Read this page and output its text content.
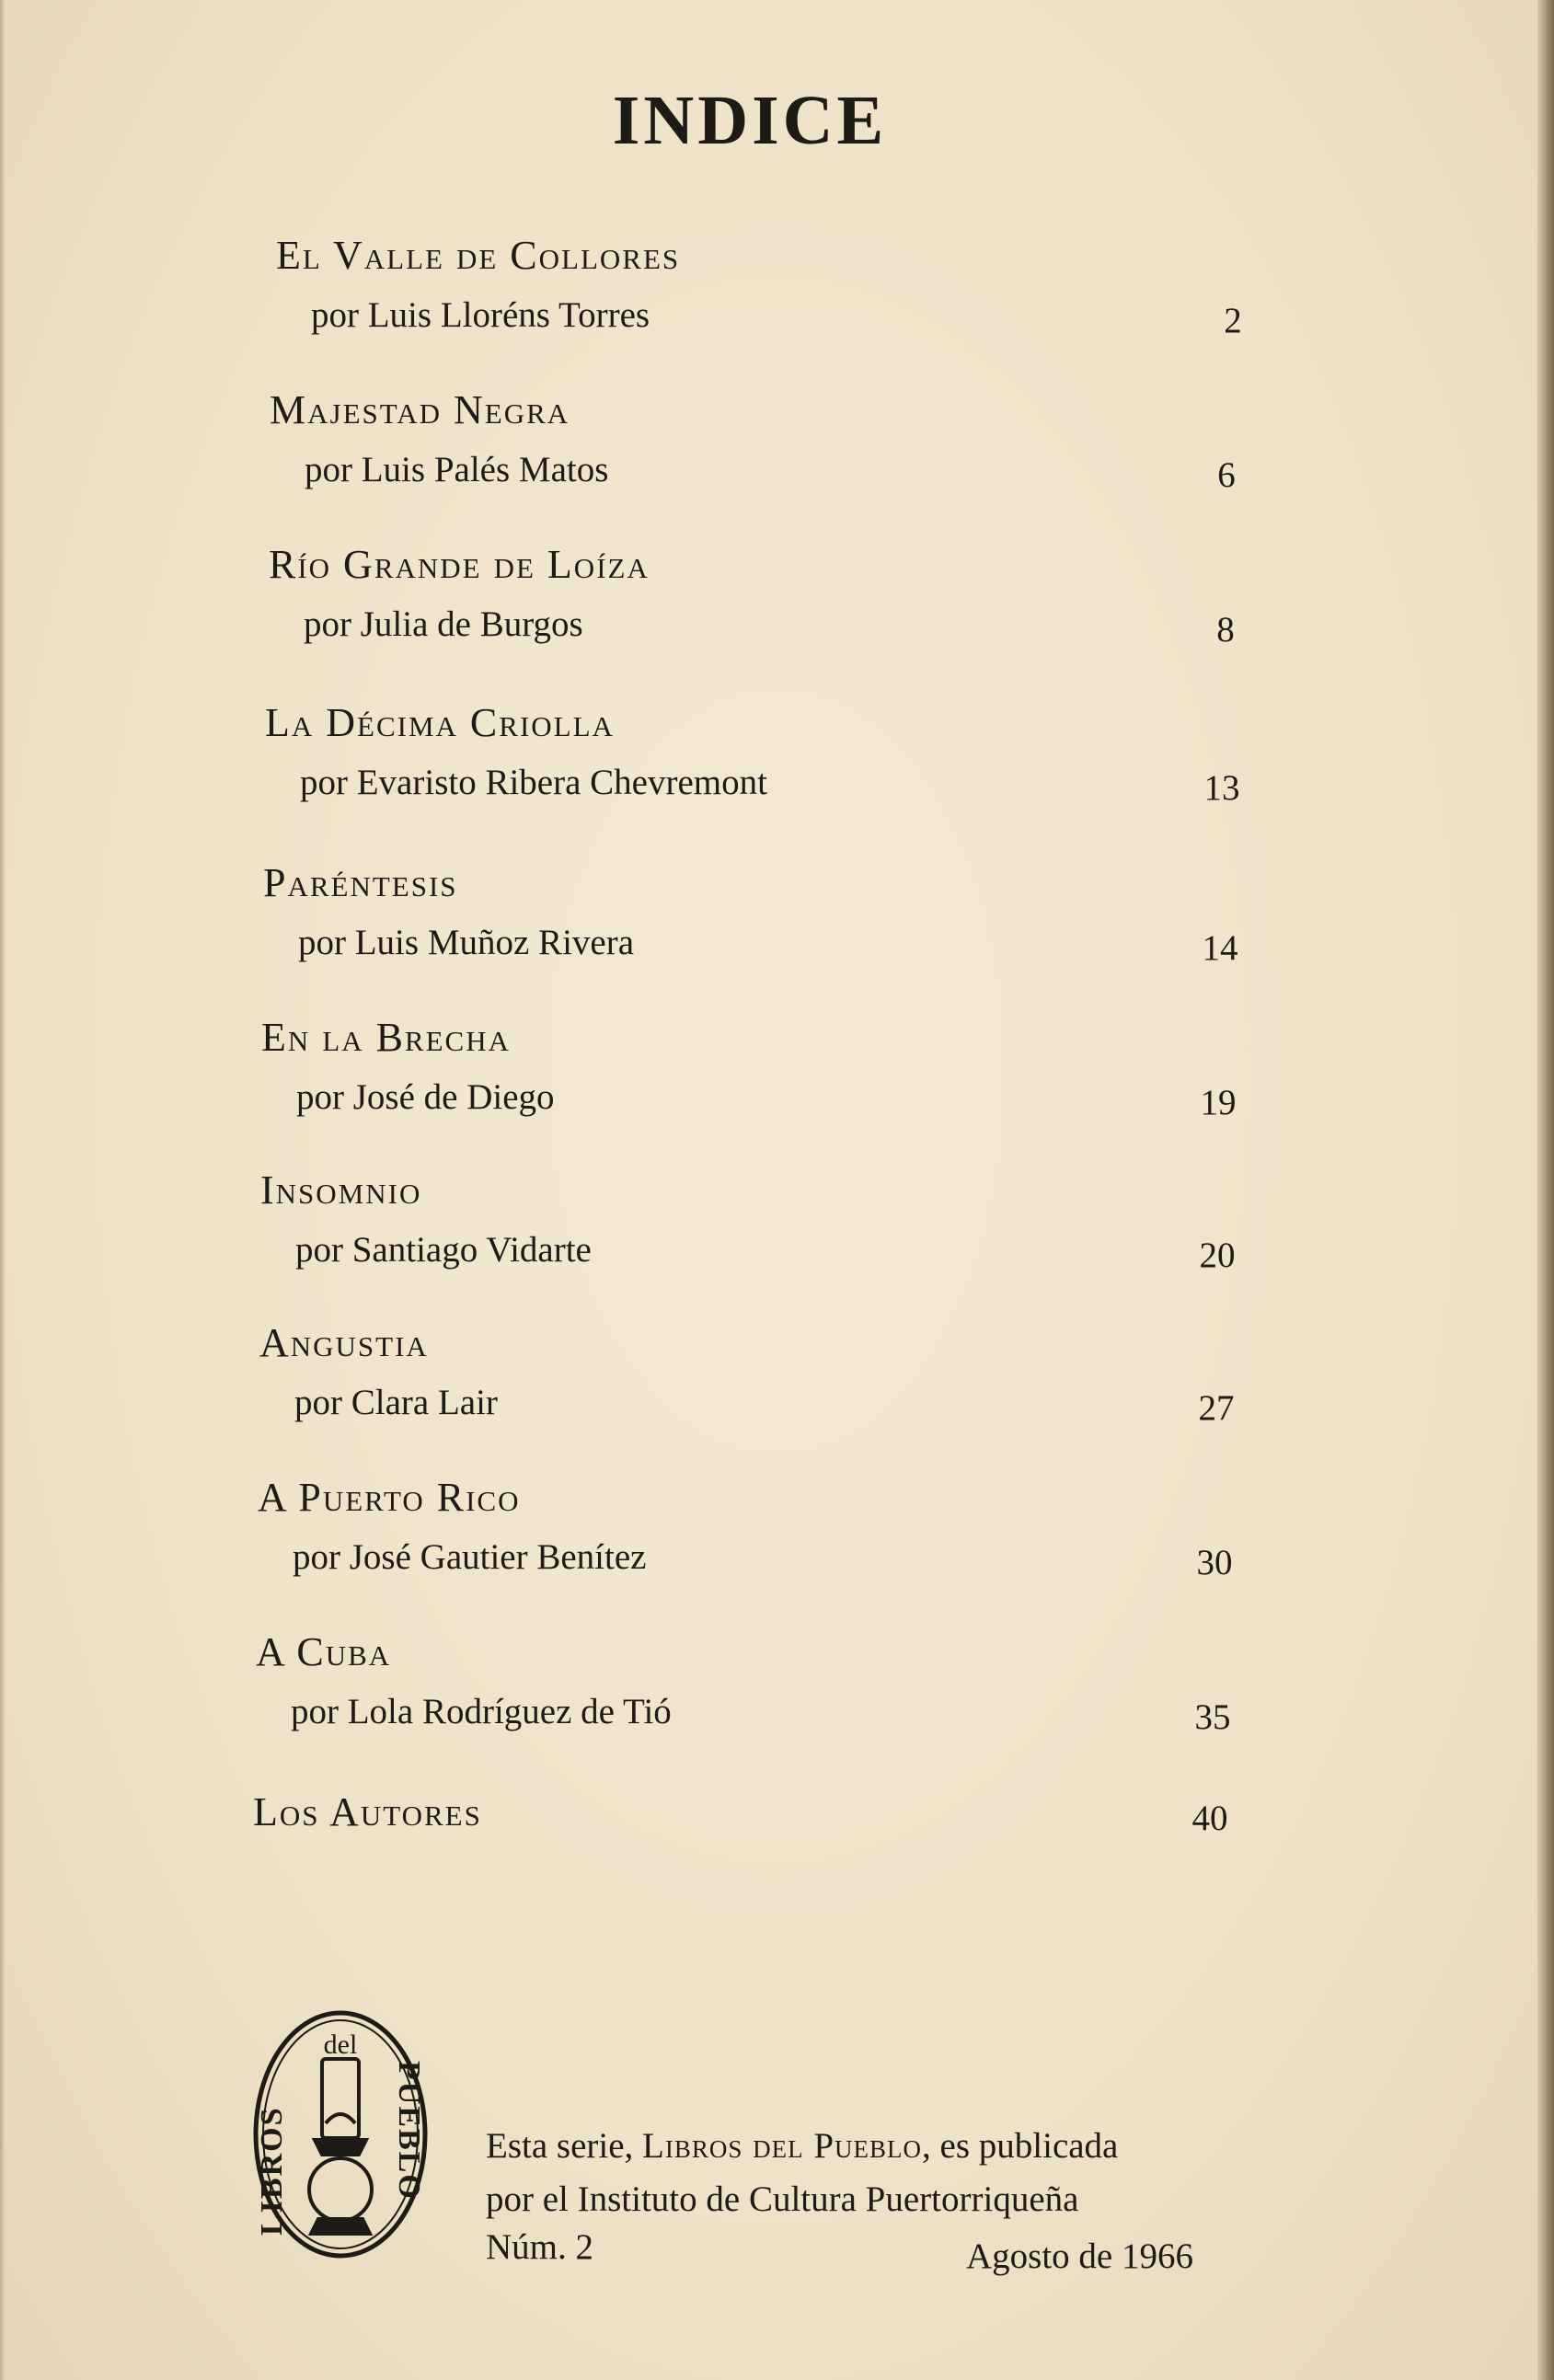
INDICE
El Valle de Collores
por Luis Lloréns Torres	2
Majestad Negra
por Luis Palés Matos	6
Río Grande de Loíza
por Julia de Burgos	8
La Décima Criolla
por Evaristo Ribera Chevremont	13
Paréntesis
por Luis Muñoz Rivera	14
En la Brecha
por José de Diego	19
Insomnio
por Santiago Vidarte	20
Angustia
por Clara Lair	27
A Puerto Rico
por José Gautier Benítez	30
A Cuba
por Lola Rodríguez de Tió	35
Los Autores	40
del
LIBROS	PUEBLO Esta serie, Libros del Pueblo, es publicada
por el Instituto de Cultura Puertorriqueña
Núm. 2	Agosto de 1966
